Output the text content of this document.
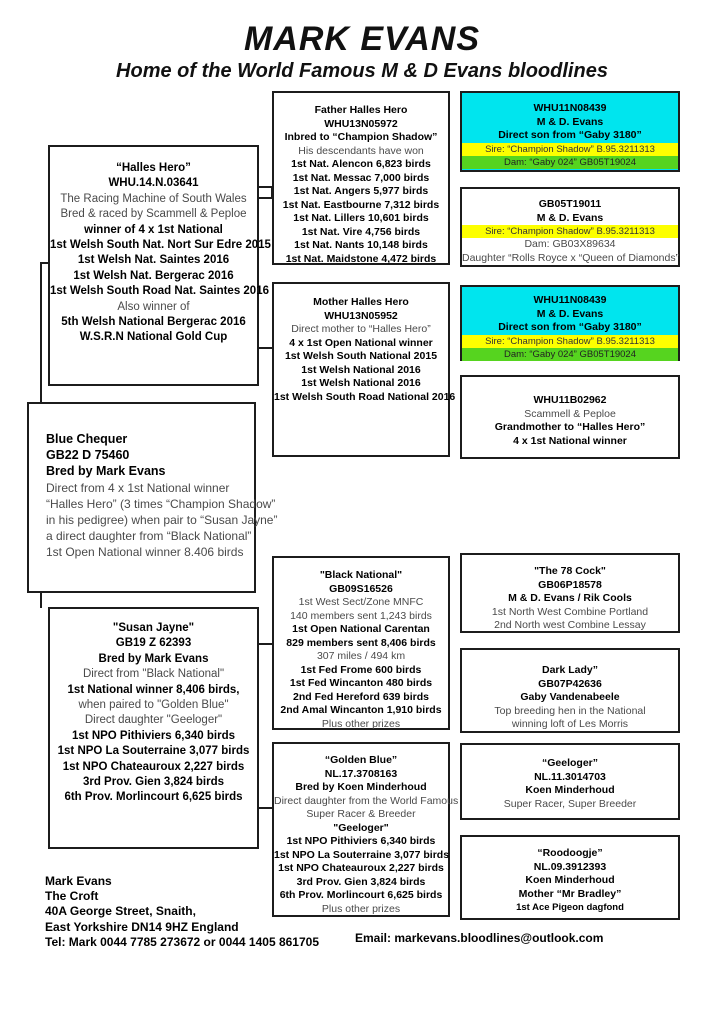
MARK EVANS
Home of the World Famous M & D Evans bloodlines
“Halles Hero”
WHU.14.N.03641
The Racing Machine of South Wales
Bred & raced by Scammell & Peploe
winner of 4 x 1st National
1st Welsh South Nat. Nort Sur Edre 2015
1st Welsh Nat. Saintes 2016
1st Welsh Nat. Bergerac 2016
1st Welsh South Road Nat. Saintes 2016
Also winner of
5th Welsh National Bergerac 2016
W.S.R.N National Gold Cup
Blue Chequer
GB22 D 75460
Bred by Mark Evans
Direct from 4 x 1st National winner
“Halles Hero” (3 times “Champion Shadow”
in his pedigree) when pair to “Susan Jayne”
a direct daughter from “Black National”
1st Open National winner 8.406 birds
"Susan Jayne"
GB19 Z 62393
Bred by Mark Evans
Direct from "Black National"
1st National winner 8,406 birds,
when paired to "Golden Blue"
Direct daughter "Geeloger"
1st NPO Pithiviers 6,340 birds
1st NPO La Souterraine 3,077 birds
1st NPO Chateauroux 2,227 birds
3rd Prov. Gien 3,824 birds
6th Prov. Morlincourt 6,625 birds
Father Halles Hero
WHU13N05972
Inbred to “Champion Shadow”
His descendants have won
1st Nat. Alencon 6,823 birds
1st Nat. Messac 7,000 birds
1st Nat. Angers 5,977 birds
1st Nat. Eastbourne 7,312 birds
1st Nat. Lillers 10,601 birds
1st Nat. Vire 4,756 birds
1st Nat. Nants 10,148 birds
1st Nat. Maidstone 4,472 birds
Mother Halles Hero
WHU13N05952
Direct mother to “Halles Hero”
4 x 1st Open National winner
1st Welsh South National 2015
1st Welsh National 2016
1st Welsh National 2016
1st Welsh South Road National 2016
"Black National"
GB09S16526
1st West Sect/Zone MNFC
140 members sent 1,243 birds
1st Open National Carentan
829 members sent 8,406 birds
307 miles / 494 km
1st Fed Frome 600 birds
1st Fed Wincanton 480 birds
2nd Fed Hereford 639 birds
2nd Amal Wincanton 1,910 birds
Plus other prizes
“Golden Blue”
NL.17.3708163
Bred by Koen Minderhoud
Direct daughter from the World Famous
Super Racer & Breeder
"Geeloger"
1st NPO Pithiviers 6,340 birds
1st NPO La Souterraine 3,077 birds
1st NPO Chateauroux 2,227 birds
3rd Prov. Gien 3,824 birds
6th Prov. Morlincourt 6,625 birds
Plus other prizes
WHU11N08439
M & D. Evans
Direct son from “Gaby 3180”
Sire: “Champion Shadow” B.95.3211313
Dam: “Gaby 024” GB05T19024
GB05T19011
M & D. Evans
Sire: “Champion Shadow” B.95.3211313
Dam: GB03X89634
Daughter “Rolls Royce x “Queen of Diamonds”
WHU11N08439
M & D. Evans
Direct son from “Gaby 3180”
Sire: “Champion Shadow” B.95.3211313
Dam: “Gaby 024” GB05T19024
WHU11B02962
Scammell & Peploe
Grandmother to “Halles Hero”
4 x 1st National winner
"The 78 Cock"
GB06P18578
M & D. Evans / Rik Cools
1st North West Combine Portland
2nd North west Combine Lessay
Dark Lady”
GB07P42636
Gaby Vandenabeele
Top breeding hen in the National
winning loft of Les Morris
“Geeloger”
NL.11.3014703
Koen Minderhoud
Super Racer, Super Breeder
“Roodoogje”
NL.09.3912393
Koen Minderhoud
Mother “Mr Bradley”
1st Ace Pigeon dagfond
Mark Evans
The Croft
40A George Street, Snaith,
East Yorkshire DN14 9HZ England
Tel: Mark 0044 7785 273672 or 0044 1405 861705	Email: markevans.bloodlines@outlook.com
